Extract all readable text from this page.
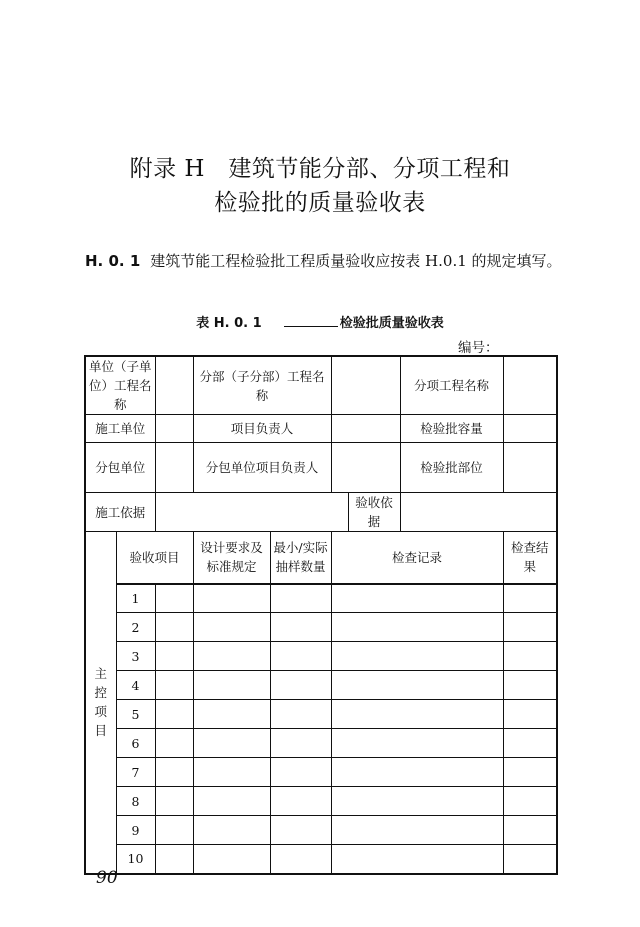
附录 H　建筑节能分部、分项工程和
检验批的质量验收表
H. 0. 1 建筑节能工程检验批工程质量验收应按表 H.0.1 的规定填写。
表 H. 0. 1	检验批质量验收表
编号：
单位（子单位）工程名称			分部（子分部）工程名称				分项工程名称	
施工单位			项目负责人				检验批容量	
分包单位			分包单位项目负责人				检验批部位	
施工依据						验收依据		
主控项目	验收项目		设计要求及标准规定	最小/实际抽样数量	检查记录			检查结果
	1							
	2							
	3							
	4							
	5							
	6							
	7							
	8							
	9							
	10							
90
